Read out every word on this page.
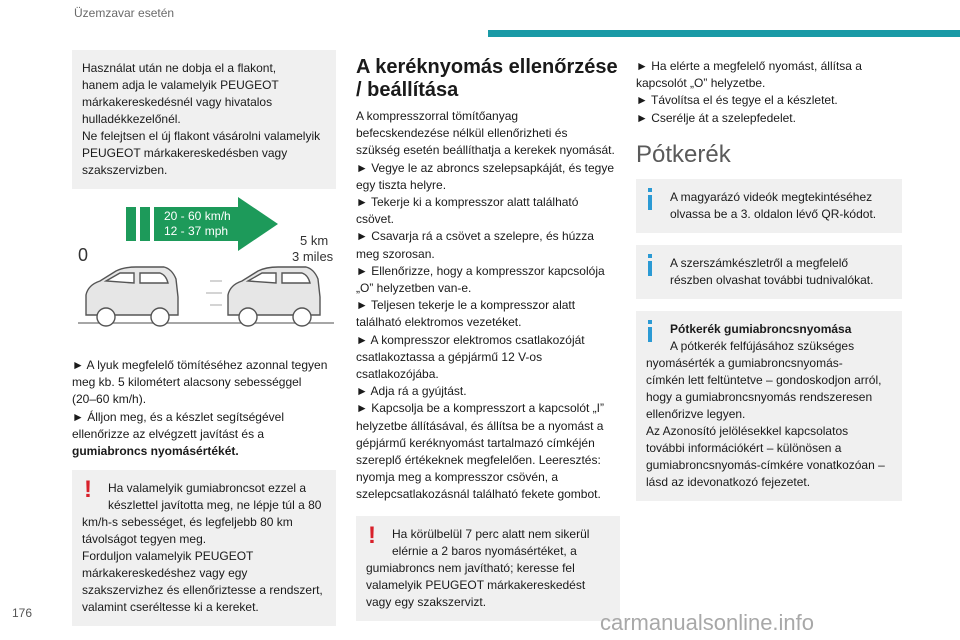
Üzemzavar esetén

Használat után ne dobja el a flakont,

hanem adja le valamelyik PEUGEOT

márkakereskedésnél vagy hivatalos

hulladékkezelőnél.

Ne felejtsen el új flakont vásárolni valamelyik

PEUGEOT márkakereskedésben vagy

szakszervizben.

20 - 60 km/h
12 - 37 mph
0
5 km
3 miles

► A lyuk megfelelő tömítéséhez azonnal tegyen

meg kb. 5 kilométert alacsony sebességgel

(20–60 km/h).

► Álljon meg, és a készlet segítségével

ellenőrizze az elvégzett javítást és a

gumiabroncs nyomásértékét.

! Ha valamelyik gumiabroncsot ezzel a

készlettel javította meg, ne lépje túl a 80

km/h-s sebességet, és legfeljebb 80 km

távolságot tegyen meg.

Forduljon valamelyik PEUGEOT

márkakereskedéshez vagy egy

szakszervizhez és ellenőriztesse a rendszert,

valamint cseréltesse ki a kereket.

A keréknyomás ellenőrzése
/ beállítása

A kompresszorral tömítőanyag

befecskendezése nélkül ellenőrizheti és

szükség esetén beállíthatja a kerekek nyomását.

► Vegye le az abroncs szelepsapkáját, és tegye

egy tiszta helyre.

► Tekerje ki a kompresszor alatt található

csövet.

► Csavarja rá a csövet a szelepre, és húzza

meg szorosan.

► Ellenőrizze, hogy a kompresszor kapcsolója

„O” helyzetben van-e.

► Teljesen tekerje le a kompresszor alatt

található elektromos vezetéket.

► A kompresszor elektromos csatlakozóját

csatlakoztassa a gépjármű 12 V-os

csatlakozójába.

► Adja rá a gyújtást.

► Kapcsolja be a kompresszort a kapcsolót „I”

helyzetbe állításával, és állítsa be a nyomást a

gépjármű keréknyomást tartalmazó címkéjén

szereplő értékeknek megfelelően. Leeresztés:

nyomja meg a kompresszor csövén, a

szelepcsatlakozásnál található fekete gombot.

! Ha körülbelül 7 perc alatt nem sikerül

elérnie a 2 baros nyomásértéket, a

gumiabroncs nem javítható; keresse fel

valamelyik PEUGEOT márkakereskedést

vagy egy szakszervizt.

► Ha elérte a megfelelő nyomást, állítsa a

kapcsolót „O” helyzetbe.

► Távolítsa el és tegye el a készletet.

► Cserélje át a szelepfedelet.

Pótkerék

A magyarázó videók megtekintéséhez

olvassa be a 3. oldalon lévő QR-kódot.

A szerszámkészletről a megfelelő

részben olvashat további tudnivalókat.

Pótkerék gumiabroncsnyomása

A pótkerék felfújásához szükséges

nyomásérték a gumiabroncsnyomás-

címkén lett feltüntetve – gondoskodjon arról,

hogy a gumiabroncsnyomás rendszeresen

ellenőrizve legyen.

Az Azonosító jelölésekkel kapcsolatos

további információkért – különösen a

gumiabroncsnyomás-címkére vonatkozóan –

lásd az idevonatkozó fejezetet.

176	carmanualsonline.info
